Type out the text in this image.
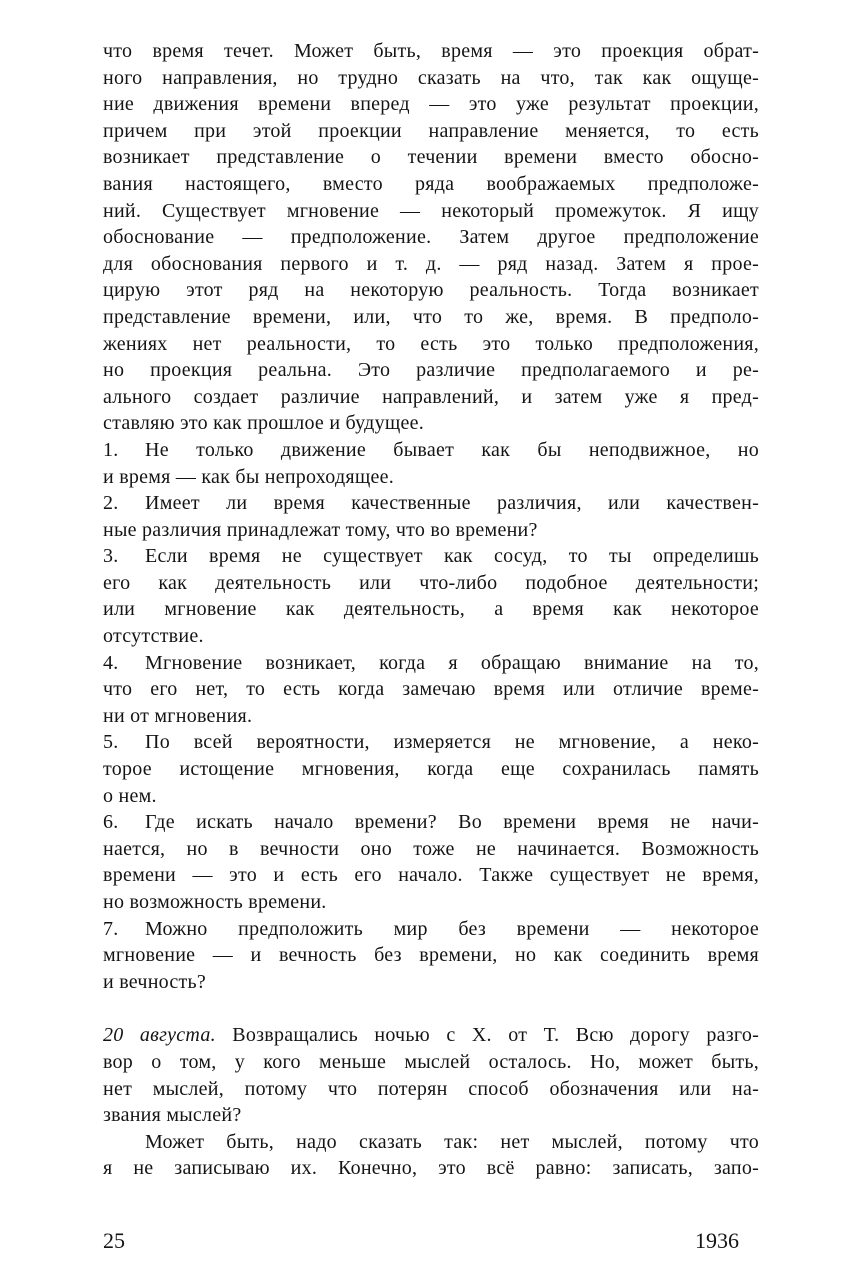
что время течет. Может быть, время — это проекция обрат-
ного направления, но трудно сказать на что, так как ощуще-
ние движения времени вперед — это уже результат проекции,
причем при этой проекции направление меняется, то есть
возникает представление о течении времени вместо обосно-
вания настоящего, вместо ряда воображаемых предположе-
ний. Существует мгновение — некоторый промежуток. Я ищу
обоснование — предположение. Затем другое предположение
для обоснования первого и т. д. — ряд назад. Затем я прое-
цирую этот ряд на некоторую реальность. Тогда возникает
представление времени, или, что то же, время. В предполо-
жениях нет реальности, то есть это только предположения,
но проекция реальна. Это различие предполагаемого и ре-
ального создает различие направлений, и затем уже я пред-
ставляю это как прошлое и будущее.
1. Не только движение бывает как бы неподвижное, но
и время — как бы непроходящее.
2. Имеет ли время качественные различия, или качествен-
ные различия принадлежат тому, что во времени?
3. Если время не существует как сосуд, то ты определишь
его как деятельность или что-либо подобное деятельности;
или мгновение как деятельность, а время как некоторое
отсутствие.
4. Мгновение возникает, когда я обращаю внимание на то,
что его нет, то есть когда замечаю время или отличие време-
ни от мгновения.
5. По всей вероятности, измеряется не мгновение, а неко-
торое истощение мгновения, когда еще сохранилась память
о нем.
6. Где искать начало времени? Во времени время не начи-
нается, но в вечности оно тоже не начинается. Возможность
времени — это и есть его начало. Также существует не время,
но возможность времени.
7. Можно предположить мир без времени — некоторое
мгновение — и вечность без времени, но как соединить время
и вечность?
20 августа. Возвращались ночью с Х. от Т. Всю дорогу разго-
вор о том, у кого меньше мыслей осталось. Но, может быть,
нет мыслей, потому что потерян способ обозначения или на-
звания мыслей?
Может быть, надо сказать так: нет мыслей, потому что
я не записываю их. Конечно, это всё равно: записать, запо-
25	1936
